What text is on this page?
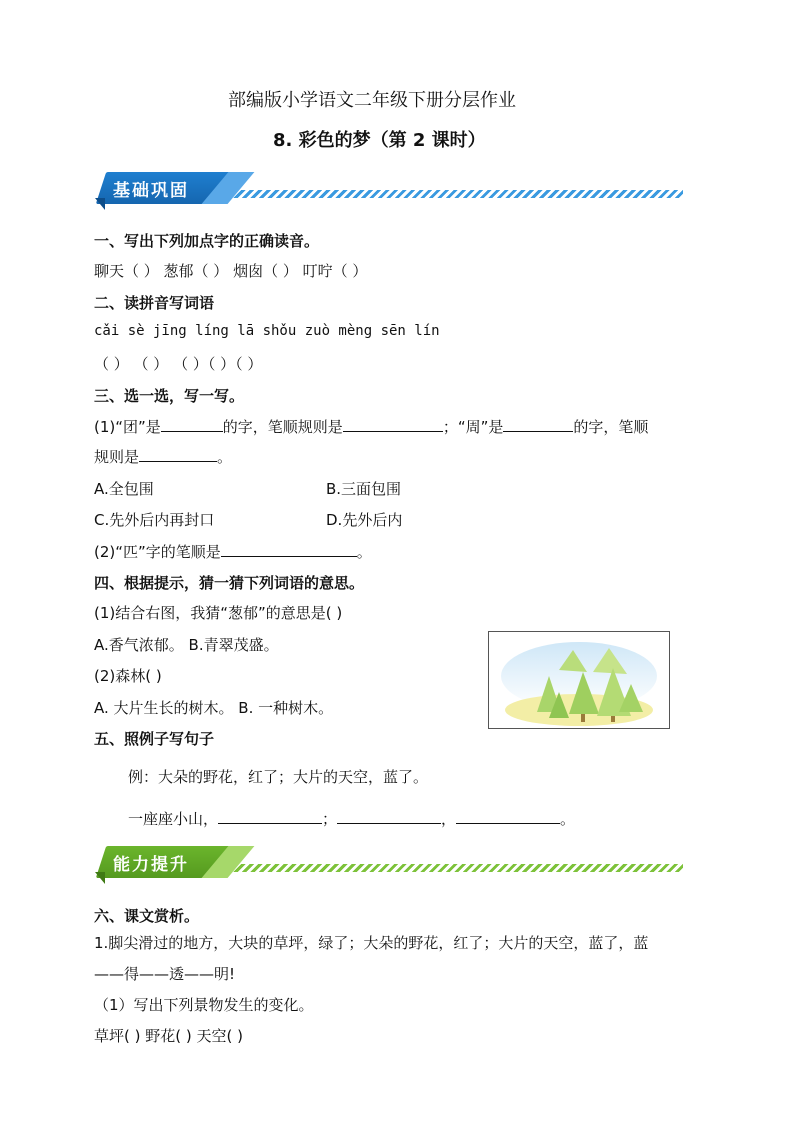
部编版小学语文二年级下册分层作业
8. 彩色的梦（第 2 课时）
基础巩固
一、写出下列加点字的正确读音。
聊天（ ） 葱郁（ ） 烟囱（ ） 叮咛（ ）
二、读拼音写词语
cǎi sè jīng líng lā shǒu zuò mèng sēn lín
（ ） （ ） （ ）（ ）（ ）
三、选一选，写一写。
(1)“团”是	的字，笔顺规则是	；“周”是	的字，笔顺
规则是	。
A.全包围	B.三面包围
C.先外后内再封口	D.先外后内
(2)“匹”字的笔顺是	。
四、根据提示，猜一猜下列词语的意思。
(1)结合右图，我猜“葱郁”的意思是( )
A.香气浓郁。 B.青翠茂盛。
(2)森林( )
A. 大片生长的树木。 B. 一种树木。
五、照例子写句子
例：大朵的野花，红了；大片的天空，蓝了。
一座座小山，	；	，	。
能力提升
六、课文赏析。
1.脚尖滑过的地方，大块的草坪，绿了；大朵的野花，红了；大片的天空，蓝了，蓝
——得——透——明!
（1）写出下列景物发生的变化。
草坪( ) 野花( ) 天空( )
